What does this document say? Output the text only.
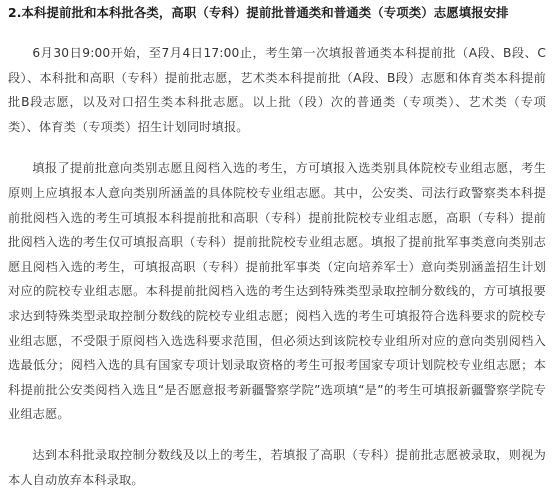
2.本科提前批和本科批各类，高职（专科）提前批普通类和普通类（专项类）志愿填报安排

6月30日9:00开始，至7月4日17:00止，考生第一次填报普通类本科提前批（A段、B段、C段）、本科批和高职（专科）提前批志愿，艺术类本科提前批（A段、B段）志愿和体育类本科提前批B段志愿，以及对口招生类本科批志愿。以上批（段）次的普通类（专项类）、艺术类（专项类）、体育类（专项类）招生计划同时填报。

填报了提前批意向类别志愿且阅档入选的考生，方可填报入选类别具体院校专业组志愿，考生原则上应填报本人意向类别所涵盖的具体院校专业组志愿。其中，公安类、司法行政警察类本科提前批阅档入选的考生可填报本科提前批和高职（专科）提前批院校专业组志愿，高职（专科）提前批阅档入选的考生仅可填报高职（专科）提前批院校专业组志愿。填报了提前批军事类意向类别志愿且阅档入选的考生，可填报高职（专科）提前批军事类（定向培养军士）意向类别涵盖招生计划对应的院校专业组志愿。本科提前批阅档入选的考生达到特殊类型录取控制分数线的，方可填报要求达到特殊类型录取控制分数线的院校专业组志愿；阅档入选的考生可填报符合选科要求的院校专业组志愿，不受限于原阅档入选选科要求范围，但必须达到该院校专业组所对应的意向类别阅档入选最低分；阅档入选的具有国家专项计划录取资格的考生可报考国家专项计划院校专业组志愿；本科提前批公安类阅档入选且“是否愿意报考新疆警察学院”选项填“是”的考生可填报新疆警察学院专业组志愿。

达到本科批录取控制分数线及以上的考生，若填报了高职（专科）提前批志愿被录取，则视为本人自动放弃本科录取。
